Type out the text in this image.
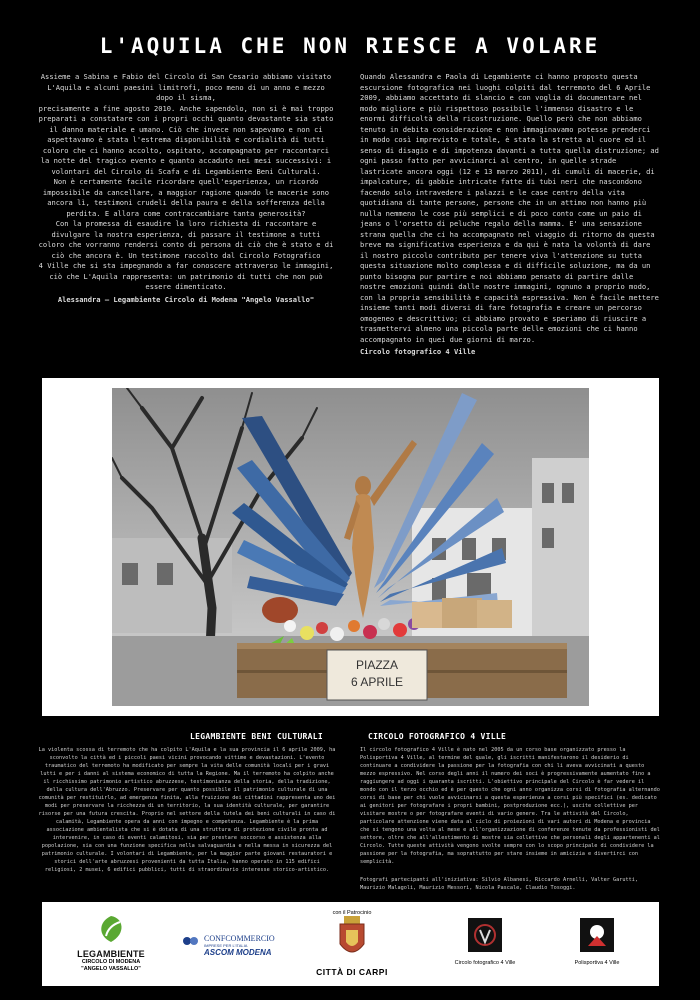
L'AQUILA CHE NON RIESCE A VOLARE

Assieme a Sabina e Fabio del Circolo di San Cesario abbiamo visitato L'Aquila e alcuni paesini limitrofi, poco meno di un anno e mezzo dopo il sisma,

precisamente a fine agosto 2010. Anche sapendolo, non si è mai troppo preparati a constatare con i propri occhi quanto devastante sia stato il danno materiale e umano. Ciò che invece non sapevamo e non ci aspettavamo è stata l'estrema disponibilità e cordialità di tutti coloro che ci hanno accolto, ospitato, accompagnato per raccontarci la notte del tragico evento e quanto accaduto nei mesi successivi: i volontari del Circolo di Scafa e di Legambiente Beni Culturali.

Non è certamente facile ricordare quell'esperienza, un ricordo impossibile da cancellare, a maggior ragione quando le macerie sono ancora lì, testimoni crudeli della paura e della sofferenza della perdita. E allora come contraccambiare tanta generosità?

Con la promessa di esaudire la loro richiesta di raccontare e divulgare la nostra esperienza, di passare il testimone a tutti coloro che vorranno rendersi conto di persona di ciò che è stato e di ciò che ancora è. Un testimone raccolto dal Circolo Fotografico

4 Ville che si sta impegnando a far conoscere attraverso le immagini, ciò che L'Aquila rappresenta: un patrimonio di tutti che non può essere dimenticato.

Alessandra – Legambiente Circolo di Modena "Angelo Vassallo"

Quando Alessandra e Paola di Legambiente ci hanno proposto questa escursione fotografica nei luoghi colpiti dal terremoto del 6 Aprile 2009, abbiamo accettato di slancio e con voglia di documentare nel modo migliore e più rispettoso possibile l'immenso disastro e le enormi difficoltà della ricostruzione. Quello però che non abbiamo tenuto in debita considerazione e non immaginavamo potesse prenderci in modo così imprevisto e totale, è stata la stretta al cuore ed il senso di disagio e di impotenza davanti a tutta quella distruzione; ad ogni passo fatto per avvicinarci al centro, in quelle strade lastricate ancora oggi (12 e 13 marzo 2011), di cumuli di macerie, di impalcature, di gabbie intricate fatte di tubi neri che nascondono facendo solo intravedere i palazzi e le case centro della vita quotidiana di tante persone, persone che in un attimo non hanno più nulla nemmeno le cose più semplici e di poco conto come un paio di jeans o l'orsetto di peluche regalo della mamma. E' una sensazione strana quella che ci ha accompagnato nel viaggio di ritorno da questa breve ma significativa esperienza e da qui è nata la volontà di dare il nostro piccolo contributo per tenere viva l'attenzione su tutta questa situazione molto complessa e di difficile soluzione, ma da un punto bisogna pur partire e noi abbiamo pensato di partire dalle nostre emozioni quindi dalle nostre immagini, ognuno a proprio modo, con la propria sensibilità e capacità espressiva. Non è facile mettere insieme tanti modi diversi di fare fotografia e creare un percorso omogeneo e descrittivo; ci abbiamo provato e speriamo di riuscire a trasmettervi almeno una piccola parte delle emozioni che ci hanno accompagnato in quei due giorni di marzo.

Circolo fotografico 4 Ville

PIAZZA
6 APRILE
LEGAMBIENTE BENI CULTURALI	CIRCOLO FOTOGRAFICO 4 VILLE

La violenta scossa di terremoto che ha colpito L'Aquila e la sua provincia il 6 aprile 2009, ha sconvolto la città ed i piccoli paesi vicini provocando vittime e devastazioni. L'evento traumatico del terremoto ha modificato per sempre la vita delle comunità locali per i gravi lutti e per i danni al sistema economico di tutta la Regione. Ma il terremoto ha colpito anche il ricchissimo patrimonio artistico abruzzese, testimonianza della storia, della tradizione, della cultura dell'Abruzzo. Preservare per quanto possibile il patrimonio culturale di una comunità per restituirlo, ad emergenza finita, alla fruizione dei cittadini rappresenta uno dei modi per preservare la ricchezza di un territorio, la sua identità culturale, per garantire risorse per una futura crescita. Proprio nel settore della tutela dei beni culturali in caso di calamità, Legambiente opera da anni con impegno e competenza. Legambiente è la prima associazione ambientalista che si è dotata di una struttura di protezione civile pronta ad intervenire, in caso di eventi calamitosi, sia per prestare soccorso e assistenza alla popolazione, sia con una funzione specifica nella salvaguardia e nella messa in sicurezza del patrimonio culturale. I volontari di Legambiente, per la maggior parte giovani restauratori e storici dell'arte abruzzesi provenienti da tutta Italia, hanno operato in 115 edifici religiosi, 2 musei, 6 edifici pubblici, tutti di straordinario interesse storico-artistico.

Il circolo fotografico 4 Ville è nato nel 2005 da un corso base organizzato presso la Polisportiva 4 Ville, al termine del quale, gli iscritti manifestarono il desiderio di continuare a condividere la passione per la fotografia con chi li aveva avvicinati a questo mezzo espressivo. Nel corso degli anni il numero dei soci è progressivamente aumentato fino a raggiungere ad oggi i quaranta iscritti. L'obiettivo principale del Circolo è far vedere il mondo con il terzo occhio ed è per questo che ogni anno organizza corsi di fotografia alternando corsi di base per chi vuole avvicinarsi a questa esperienza a corsi più specifici (es. dedicato ai genitori per fotografare i propri bambini, postproduzione ecc.), uscite collettive per visitare mostre o per fotografare eventi di vario genere. Tra le attività del Circolo, particolare attenzione viene data al ciclo di proiezioni di vari autori di Modena e provincia che si tengono una volta al mese e all'organizzazione di conferenze tenute da professionisti del settore, oltre che all'allestimento di mostre sia collettive che personali degli appartenenti al Circolo. Tutte queste attività vengono svolte sempre con lo scopo principale di condividere la passione per la fotografia, ma soprattutto per stare insieme in amicizia e divertirci con semplicità.

Fotografi partecipanti all'iniziativa: Silvio Albanesi, Riccardo Arnelli, Valter Garutti, Maurizio Malagoli, Maurizio Messori, Nicola Pascale, Claudio Tosoggi.

LEGAMBIENTE
CIRCOLO DI MODENA
"ANGELO VASSALLO"
CONFCOMMERCIO
IMPRESE PER L'ITALIA
ASCOM MODENA
con il Patrocinio
CITTÀ DI CARPI
Circolo fotografico 4 Ville	Polisportiva 4 Ville
